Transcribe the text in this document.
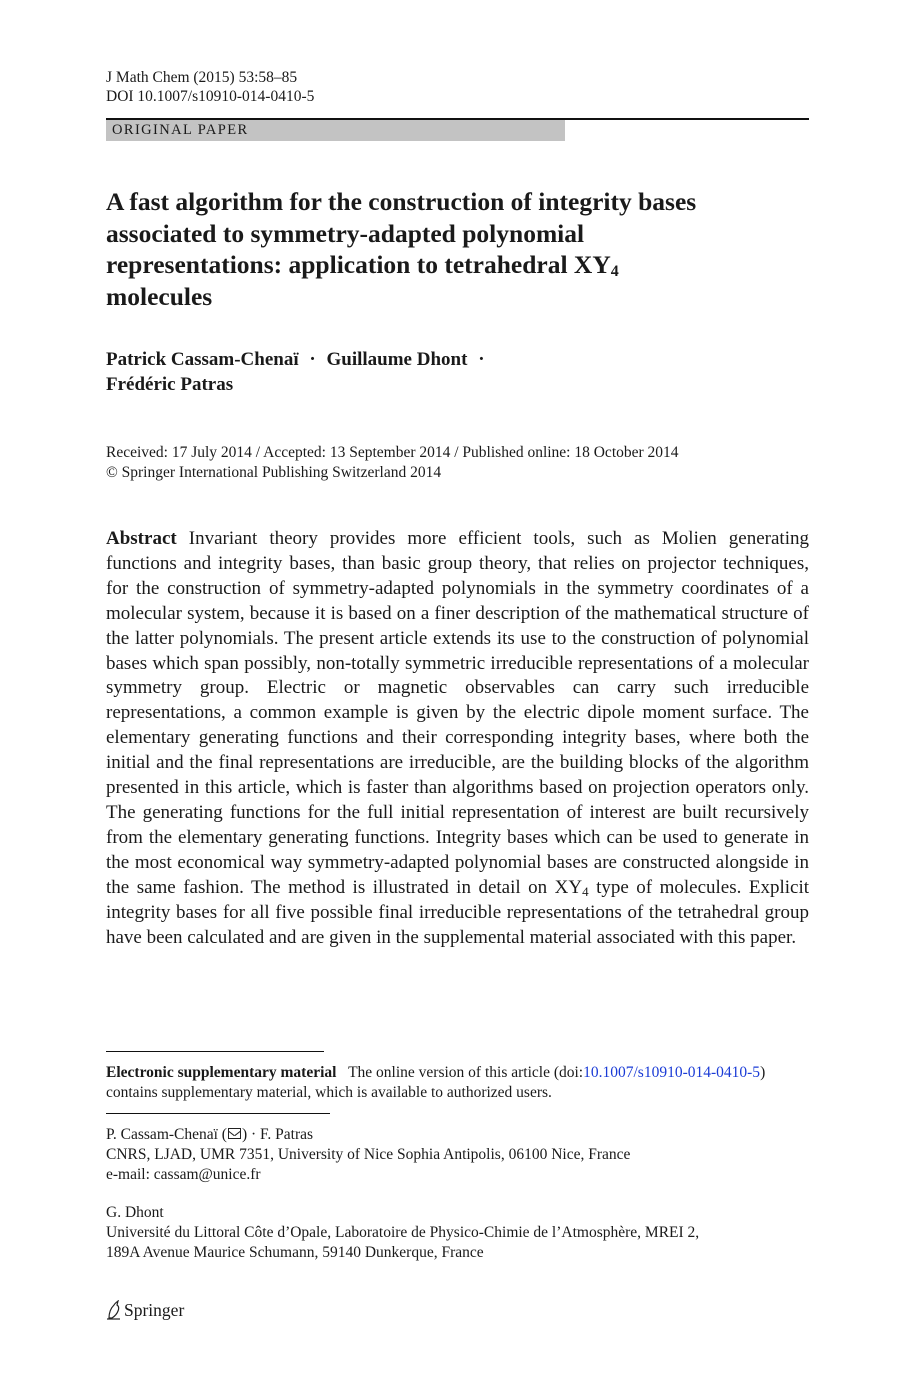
J Math Chem (2015) 53:58–85
DOI 10.1007/s10910-014-0410-5
ORIGINAL PAPER
A fast algorithm for the construction of integrity bases
associated to symmetry-adapted polynomial
representations: application to tetrahedral $XY_4$
molecules
Patrick Cassam-Chenaï · Guillaume Dhont ·
Frédéric Patras
Received: 17 July 2014 / Accepted: 13 September 2014 / Published online: 18 October 2014
© Springer International Publishing Switzerland 2014

Abstract Invariant theory provides more efficient tools, such as Molien generating functions and integrity bases, than basic group theory, that relies on projector techniques, for the construction of symmetry-adapted polynomials in the symmetry coordinates of a molecular system, because it is based on a finer description of the mathematical structure of the latter polynomials. The present article extends its use to the construction of polynomial bases which span possibly, non-totally symmetric irreducible representations of a molecular symmetry group. Electric or magnetic observables can carry such irreducible representations, a common example is given by the electric dipole moment surface. The elementary generating functions and their corresponding integrity bases, where both the initial and the final representations are irreducible, are the building blocks of the algorithm presented in this article, which is faster than algorithms based on projection operators only. The generating functions for the full initial representation of interest are built recursively from the elementary generating functions. Integrity bases which can be used to generate in the most economical way symmetry-adapted polynomial bases are constructed alongside in the same fashion. The method is illustrated in detail on $XY_4$ type of molecules. Explicit integrity bases for all five possible final irreducible representations of the tetrahedral group have been calculated and are given in the supplemental material associated with this paper.

Electronic supplementary material The online version of this article (doi:10.1007/s10910-014-0410-5)
contains supplementary material, which is available to authorized users.
P. Cassam-Chenaï ( ) · F. Patras
CNRS, LJAD, UMR 7351, University of Nice Sophia Antipolis, 06100 Nice, France
e-mail: cassam@unice.fr
G. Dhont
Université du Littoral Côte d’Opale, Laboratoire de Physico-Chimie de l’Atmosphère, MREI 2,
189A Avenue Maurice Schumann, 59140 Dunkerque, France
Springer
